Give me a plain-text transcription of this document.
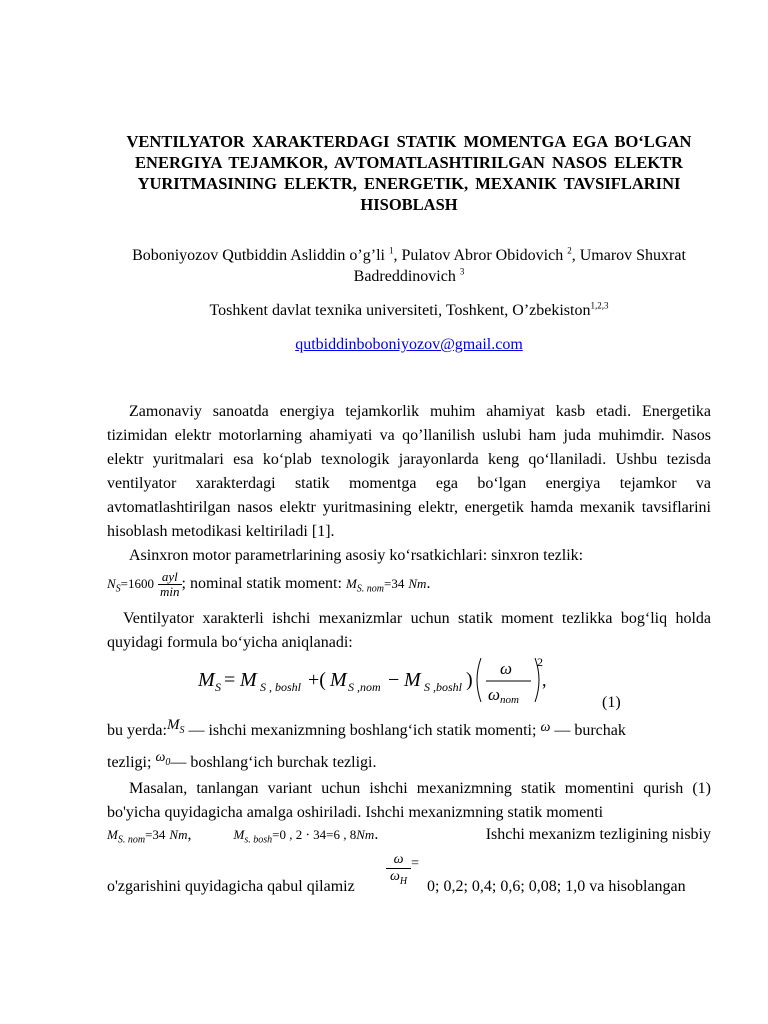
VENTILYATOR XARAKTERDAGI STATIK MOMENTGA EGA BO‘LGAN ENERGIYA TEJAMKOR, AVTOMATLASHTIRILGAN NASOS ELEKTR YURITMASINING ELEKTR, ENERGETIK, MEXANIK TAVSIFLARINI HISOBLASH
Boboniyozov Qutbiddin Asliddin o’g’li $^1$, Pulatov Abror Obidovich $^2$, Umarov Shuxrat Badreddinovich $^3$
Toshkent davlat texnika universiteti, Toshkent, O’zbekiston$^{1,2,3}$
qutbiddinboboniyozov@gmail.com
Zamonaviy sanoatda energiya tejamkorlik muhim ahamiyat kasb etadi. Energetika tizimidan elektr motorlarning ahamiyati va qo’llanilish uslubi ham juda muhimdir. Nasos elektr yuritmalari esa ko‘plab texnologik jarayonlarda keng qo‘llaniladi. Ushbu tezisda ventilyator xarakterdagi statik momentga ega bo‘lgan energiya tejamkor va avtomatlashtirilgan nasos elektr yuritmasining elektr, energetik hamda mexanik tavsiflarini hisoblash metodikasi keltiriladi [1].
Asinxron motor parametrlarining asosiy ko‘rsatkichlari: sinxron tezlik:
$N_S=1600 \frac{\text{ayl}}{\min}$ ; nominal statik moment: $M_{S. nom}=34$ Nm.
Ventilyator xarakterli ishchi mexanizmlar uchun statik moment tezlikka bog‘liq holda quyidagi formula bo‘yicha aniqlanadi:
M S = M S , boshl +( M S ,nom − M S ,boshl )
ω
ω nom
2
,
(1)
bu $yerda:M_S$ — ishchi mexanizmning boshlang‘ich statik momenti; ω — burchak
tezligi; $\omega_0—$ boshlang‘ich burchak tezligi.
Masalan, tanlangan variant uchun ishchi mexanizmning statik momentini qurish (1) bo'yicha quyidagicha amalga oshiriladi. Ishchi mexanizmning statik momenti
$M_{S. nom}=34$ Nm,	$M_{s. bosh}=0$ , 2 ⋅ 34=6 , 8Nm.	Ishchi mexanizm tezligining nisbiy
$\frac{\omega}{\omega_H}$ =
o'zgarishini quyidagicha qabul qilamiz	0; 0,2; 0,4; 0,6; 0,08; 1,0 va hisoblangan
